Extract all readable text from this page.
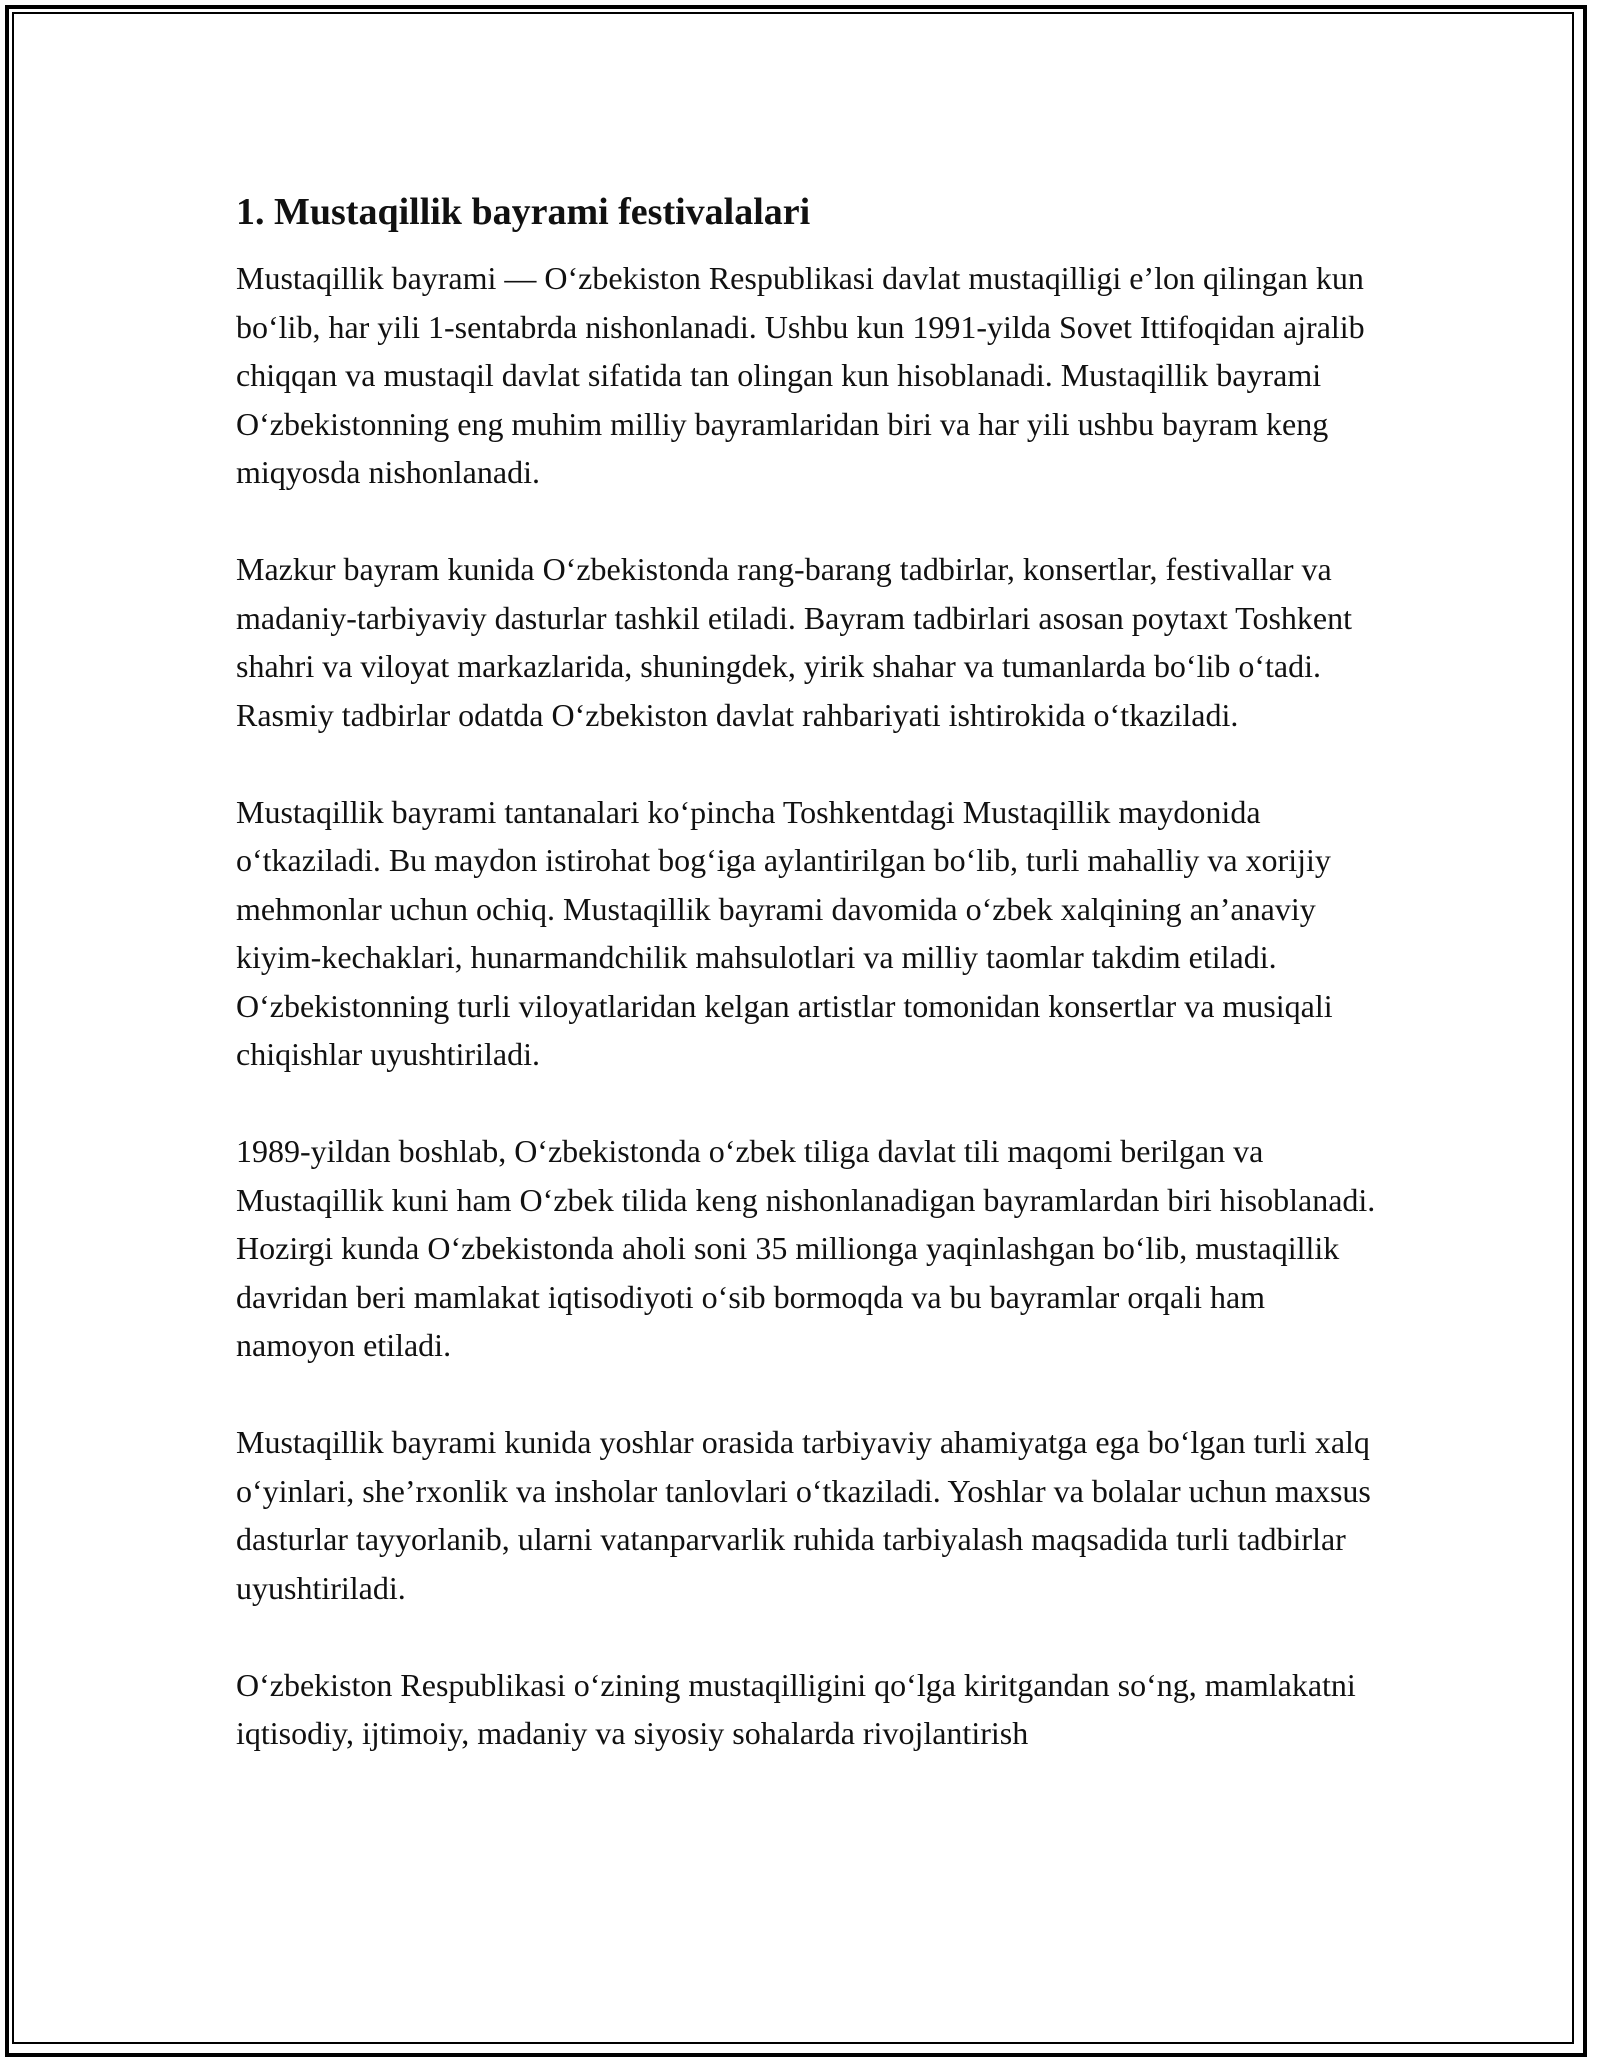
1. Mustaqillik bayrami festivalalari

Mustaqillik bayrami — O‘zbekiston Respublikasi davlat mustaqilligi e’lon qilingan kun bo‘lib, har yili 1-sentabrda nishonlanadi. Ushbu kun 1991-yilda Sovet Ittifoqidan ajralib chiqqan va mustaqil davlat sifatida tan olingan kun hisoblanadi. Mustaqillik bayrami O‘zbekistonning eng muhim milliy bayramlaridan biri va har yili ushbu bayram keng miqyosda nishonlanadi.

Mazkur bayram kunida O‘zbekistonda rang-barang tadbirlar, konsertlar, festivallar va madaniy-tarbiyaviy dasturlar tashkil etiladi. Bayram tadbirlari asosan poytaxt Toshkent shahri va viloyat markazlarida, shuningdek, yirik shahar va tumanlarda bo‘lib o‘tadi. Rasmiy tadbirlar odatda O‘zbekiston davlat rahbariyati ishtirokida o‘tkaziladi.

Mustaqillik bayrami tantanalari ko‘pincha Toshkentdagi Mustaqillik maydonida o‘tkaziladi. Bu maydon istirohat bog‘iga aylantirilgan bo‘lib, turli mahalliy va xorijiy mehmonlar uchun ochiq. Mustaqillik bayrami davomida o‘zbek xalqining an’anaviy kiyim-kechaklari, hunarmandchilik mahsulotlari va milliy taomlar takdim etiladi. O‘zbekistonning turli viloyatlaridan kelgan artistlar tomonidan konsertlar va musiqali chiqishlar uyushtiriladi.

1989-yildan boshlab, O‘zbekistonda o‘zbek tiliga davlat tili maqomi berilgan va Mustaqillik kuni ham O‘zbek tilida keng nishonlanadigan bayramlardan biri hisoblanadi. Hozirgi kunda O‘zbekistonda aholi soni 35 millionga yaqinlashgan bo‘lib, mustaqillik davridan beri mamlakat iqtisodiyoti o‘sib bormoqda va bu bayramlar orqali ham namoyon etiladi.

Mustaqillik bayrami kunida yoshlar orasida tarbiyaviy ahamiyatga ega bo‘lgan turli xalq o‘yinlari, she’rxonlik va insholar tanlovlari o‘tkaziladi. Yoshlar va bolalar uchun maxsus dasturlar tayyorlanib, ularni vatanparvarlik ruhida tarbiyalash maqsadida turli tadbirlar uyushtiriladi.

O‘zbekiston Respublikasi o‘zining mustaqilligini qo‘lga kiritgandan so‘ng, mamlakatni iqtisodiy, ijtimoiy, madaniy va siyosiy sohalarda rivojlantirish
